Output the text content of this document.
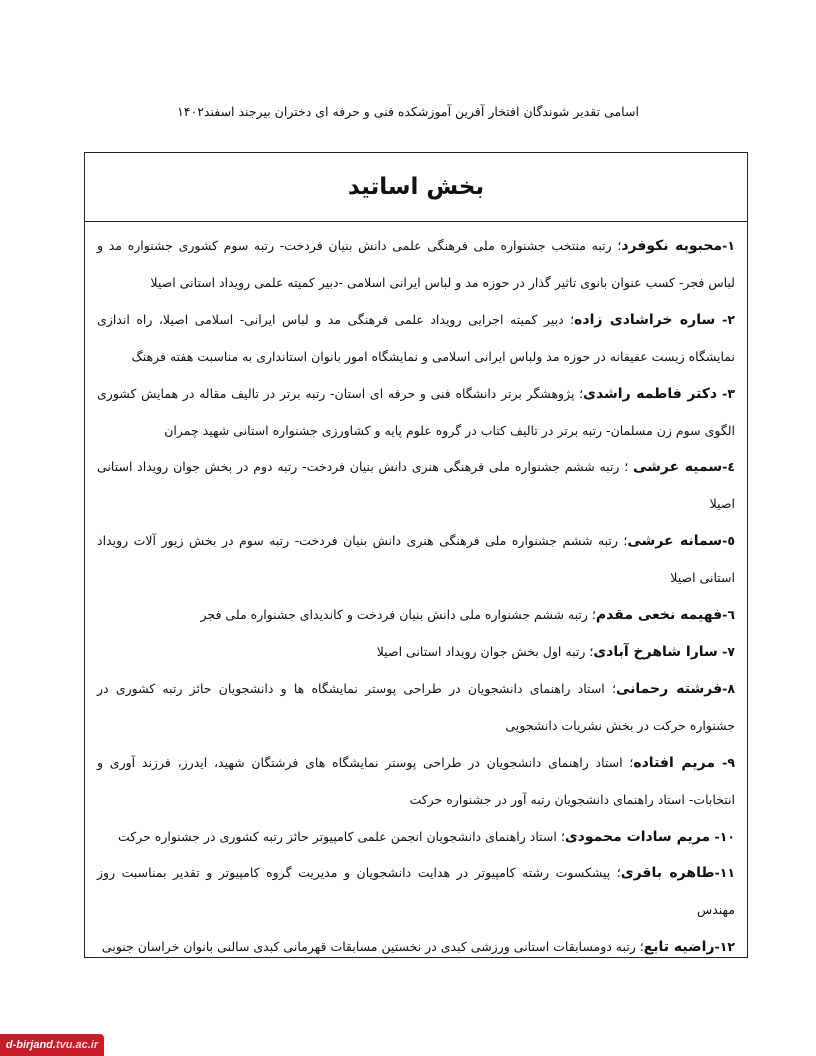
اسامی تقدیر شوندگان افتخار آفرین آموزشکده فنی و حرفه ای دختران بیرجند اسفند۱۴۰۲
بخش اساتید

۱-محبوبه نکوفرد؛ رتبه منتخب جشنواره ملی فرهنگی علمی دانش بنیان فردخت- رتبه سوم کشوری جشنواره مد و لباس فجر- کسب عنوان بانوی تاثیر گذار در حوزه مد و لباس ایرانی اسلامی -دبیر کمیته علمی رویداد استانی اصیلا

۲- ساره خراشادی زاده؛ دبیر کمیته اجرایی رویداد علمی فرهنگی مد و لباس ایرانی- اسلامی اصیلا، راه اندازی نمایشگاه زیست عفیفانه در حوزه مد ولباس ایرانی اسلامی و نمایشگاه امور بانوان استانداری به مناسبت هفته فرهنگ

۳- دکتر فاطمه راشدی؛ پژوهشگر برتر دانشگاه فنی و حرفه ای استان- رتبه برتر در تالیف مقاله در همایش کشوری الگوی سوم زن مسلمان- رتبه برتر در تالیف کتاب در گروه علوم پایه و کشاورزی جشنواره استانی شهید چمران

٤-سمیه عرشی ؛ رتبه ششم جشنواره ملی فرهنگی هنری دانش بنیان فردخت- رتبه دوم در بخش جوان رویداد استانی اصیلا

٥-سمانه عرشی؛ رتبه ششم جشنواره ملی فرهنگی هنری دانش بنیان فردخت- رتبه سوم در بخش زیور آلات رویداد استانی اصیلا

٦-فهیمه نخعی مقدم؛ رتبه ششم جشنواره ملی دانش بنیان فردخت و کاندیدای جشنواره ملی فجر

۷- سارا شاهرخ آبادی؛ رتبه اول بخش جوان رویداد استانی اصیلا

۸-فرشته رحمانی؛ استاد راهنمای دانشجویان در طراحی پوستر نمایشگاه ها و دانشجویان حائز رتبه کشوری در جشنواره حرکت در بخش نشریات دانشجویی

۹- مریم افتاده؛ استاد راهنمای دانشجویان در طراحی پوستر نمایشگاه های فرشتگان شهید، ایدرز، فرزند آوری و انتخابات- استاد راهنمای دانشجویان رتبه آور در جشنواره حرکت

۱۰- مریم سادات محمودی؛ استاد راهنمای دانشجویان انجمن علمی کامپیوتر حائز رتبه کشوری در جشنواره حرکت

۱۱-طاهره باقری؛ پیشکسوت رشته کامپیوتر در هدایت دانشجویان و مدیریت گروه کامپیوتر و تقدیر بمناسبت روز مهندس

۱۲-راضیه تابع؛ رتبه دومسابقات استانی ورزشی کبدی در نخستین مسابقات قهرمانی کبدی سالنی بانوان خراسان جنوبی

d-birjand. tvu.ac.ir
